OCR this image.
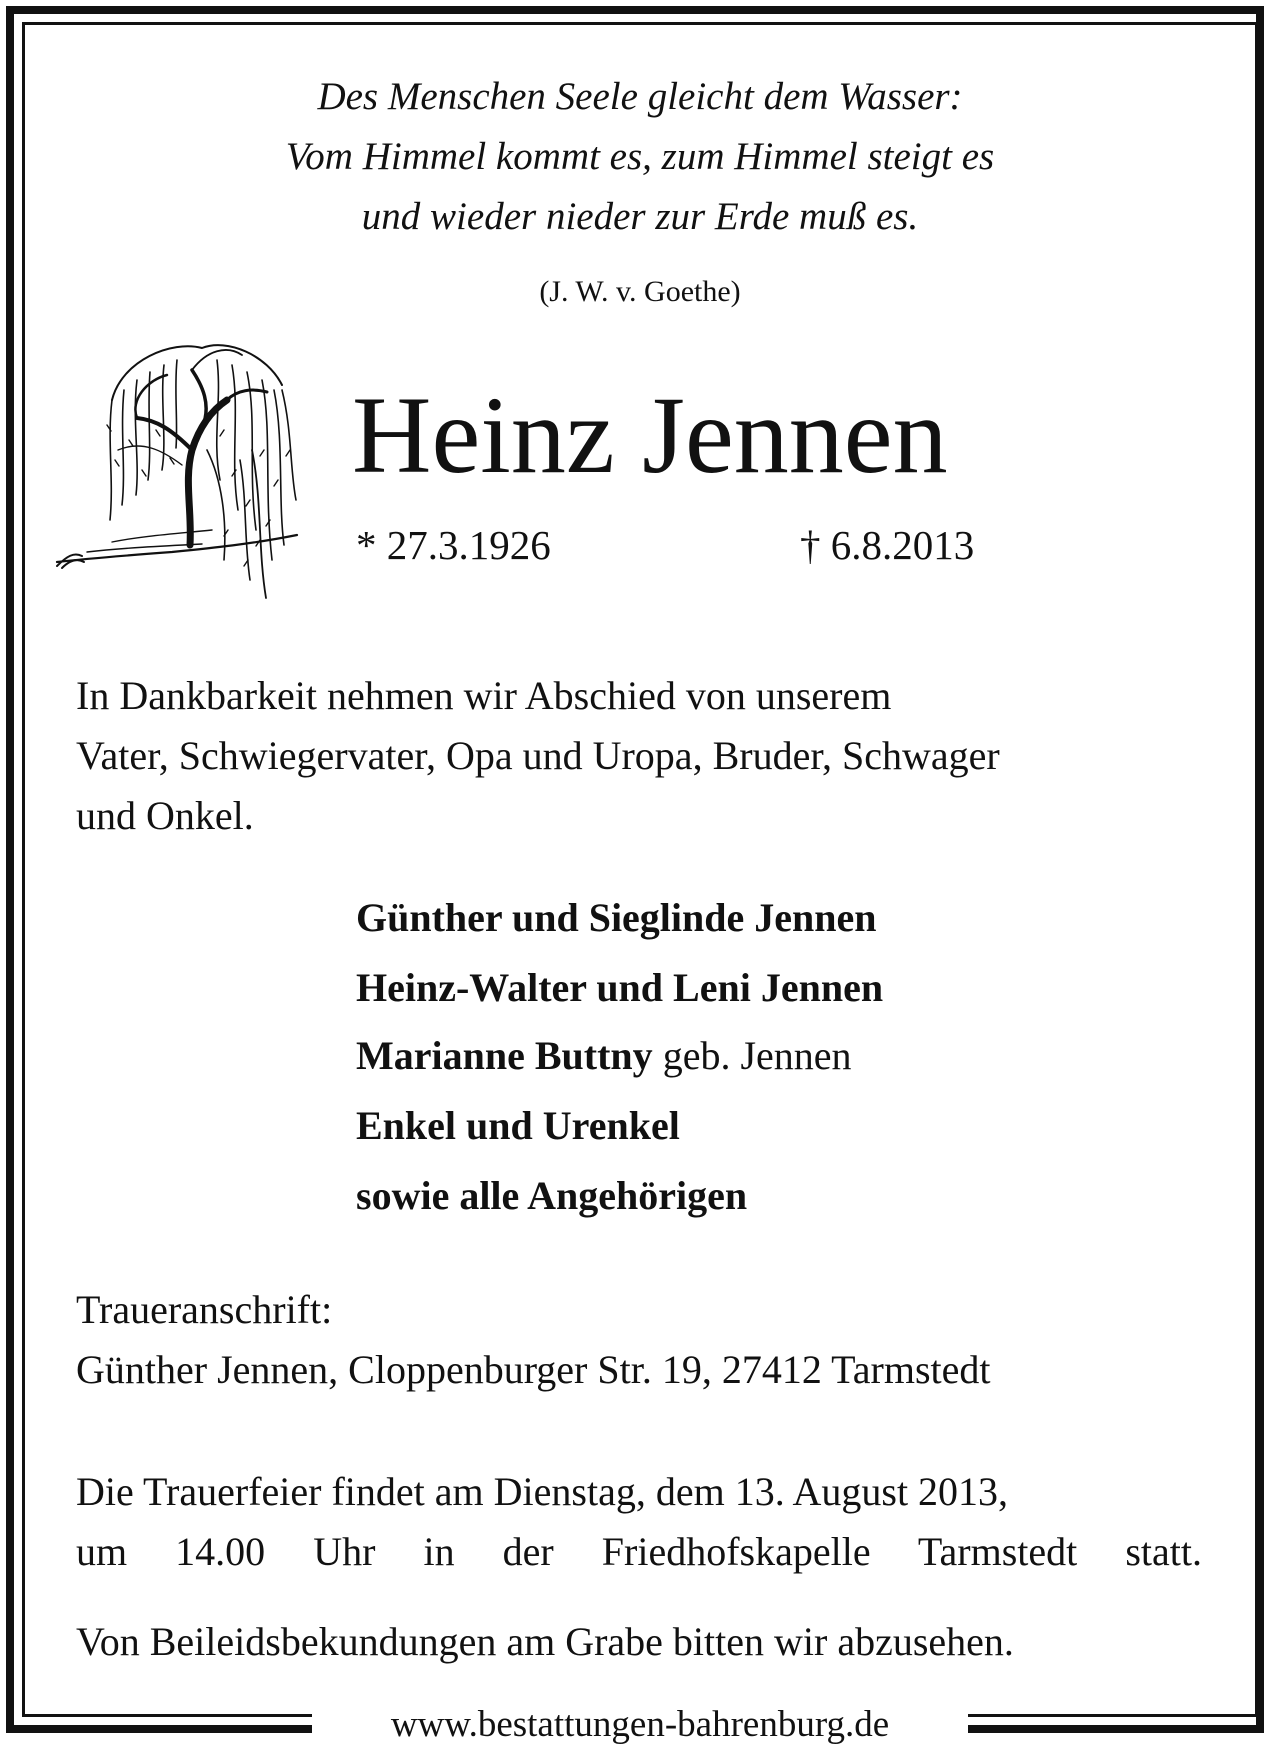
www.bestattungen-bahrenburg.de
Des Menschen Seele gleicht dem Wasser:
Vom Himmel kommt es, zum Himmel steigt es
und wieder nieder zur Erde muß es.
(J. W. v. Goethe)
Heinz Jennen
* 27.3.1926	† 6.8.2013
In Dankbarkeit nehmen wir Abschied von unserem
Vater, Schwiegervater, Opa und Uropa, Bruder, Schwager
und Onkel.
Günther und Sieglinde Jennen
Heinz-Walter und Leni Jennen
Marianne Buttny geb. Jennen
Enkel und Urenkel
sowie alle Angehörigen
Traueranschrift:
Günther Jennen, Cloppenburger Str. 19, 27412 Tarmstedt
Die Trauerfeier findet am Dienstag, dem 13. August 2013,
um 14.00 Uhr in der Friedhofskapelle Tarmstedt statt.
Von Beileidsbekundungen am Grabe bitten wir abzusehen.
